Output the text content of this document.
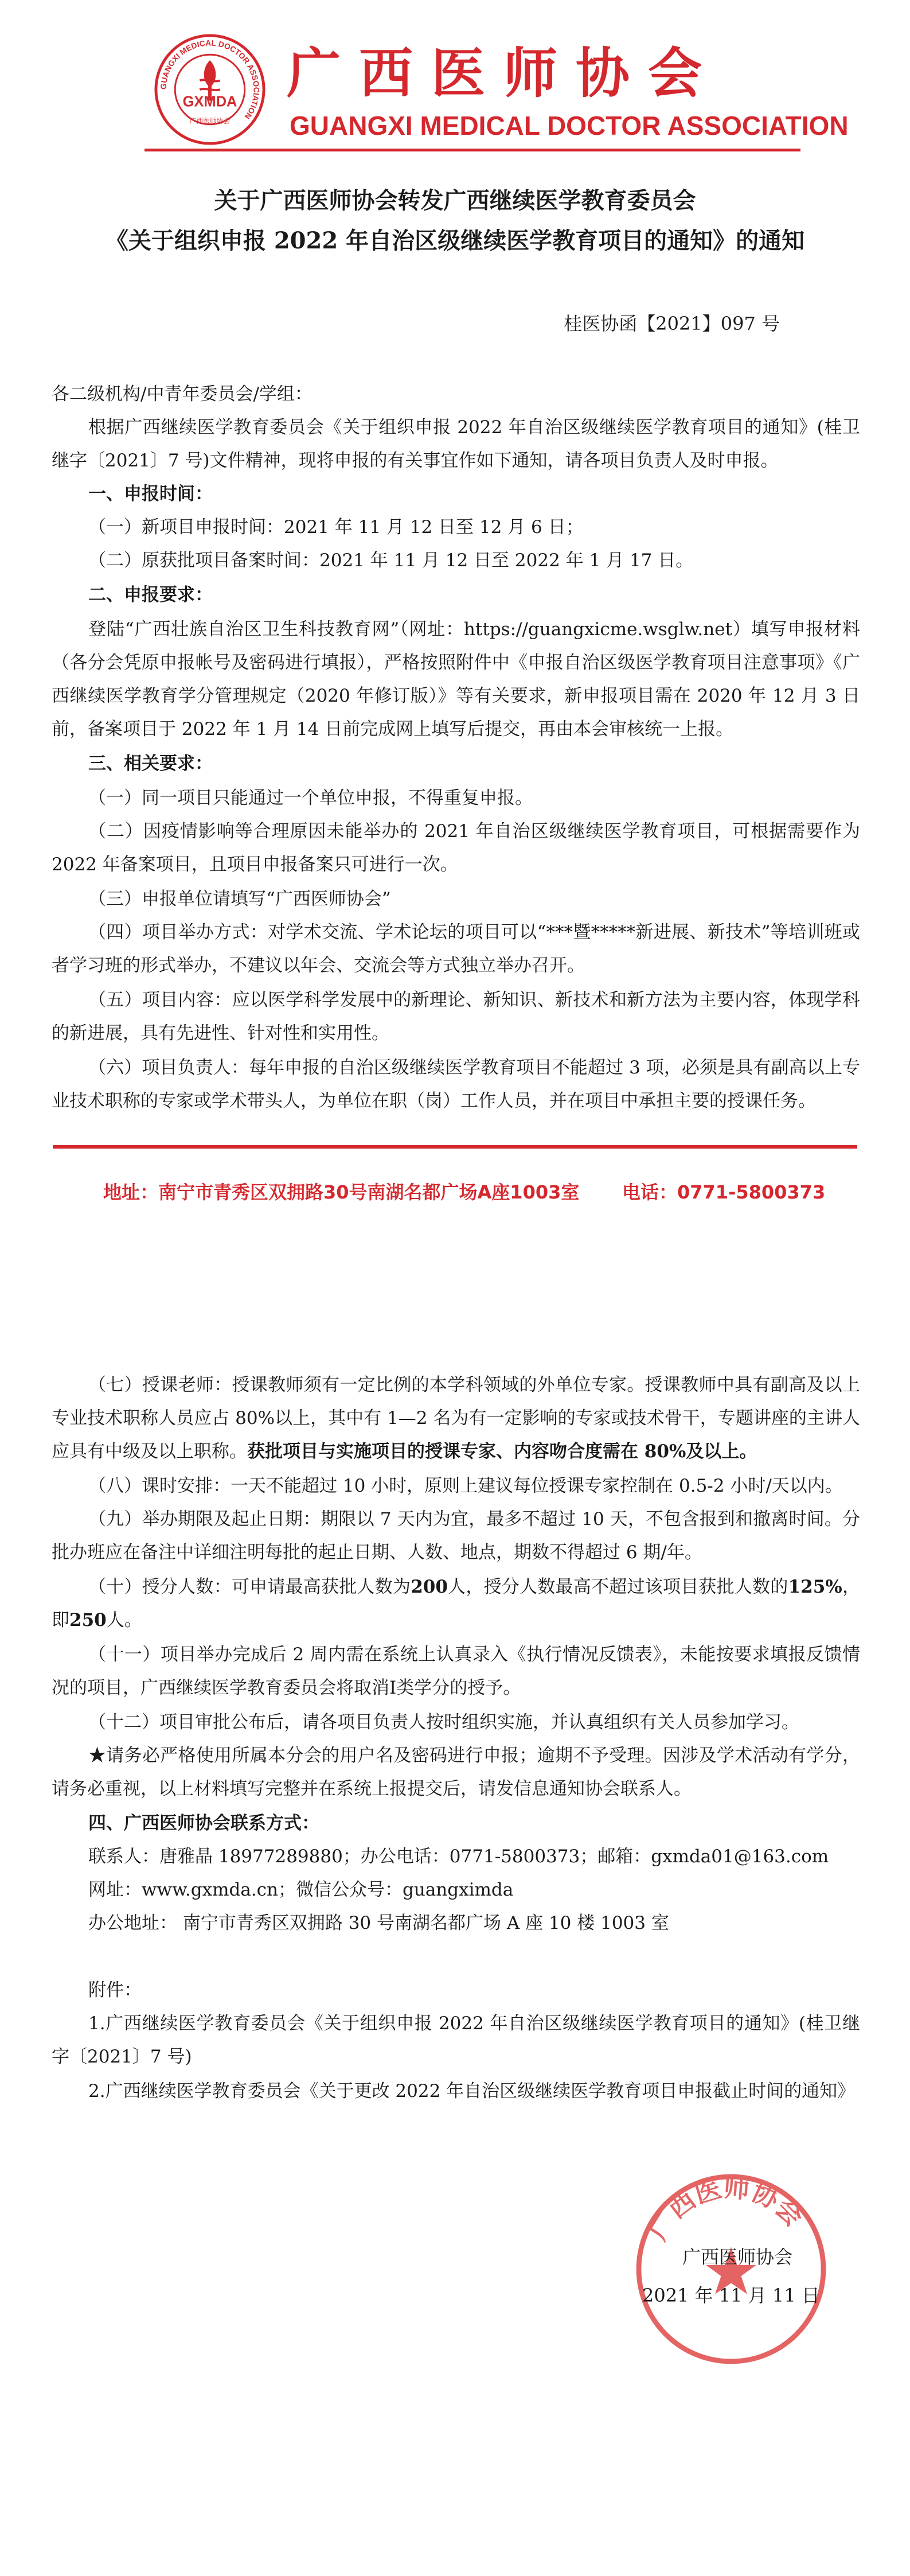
GUANGXI MEDICAL DOCTOR ASSOCIATION
GXMDA
广西医师协会
广西医师协会
GUANGXI MEDICAL DOCTOR ASSOCIATION
关于广西医师协会转发广西继续医学教育委员会
《关于组织申报 2022 年自治区级继续医学教育项目的通知》的通知
桂医协函【2021】097 号

各二级机构/中青年委员会/学组：

根据广西继续医学教育委员会《关于组织申报 2022 年自治区级继续医学教育项目的通知》(桂卫继字〔2021〕7 号)文件精神，现将申报的有关事宜作如下通知，请各项目负责人及时申报。

一、申报时间：

（一）新项目申报时间：2021 年 11 月 12 日至 12 月 6 日；

（二）原获批项目备案时间：2021 年 11 月 12 日至 2022 年 1 月 17 日。

二、申报要求：

登陆“广西壮族自治区卫生科技教育网”（网址：https://guangxicme.wsglw.net）填写申报材料（各分会凭原申报帐号及密码进行填报），严格按照附件中《申报自治区级医学教育项目注意事项》《广西继续医学教育学分管理规定（2020 年修订版）》等有关要求，新申报项目需在 2020 年 12 月 3 日前，备案项目于 2022 年 1 月 14 日前完成网上填写后提交，再由本会审核统一上报。

三、相关要求：

（一）同一项目只能通过一个单位申报，不得重复申报。

（二）因疫情影响等合理原因未能举办的 2021 年自治区级继续医学教育项目，可根据需要作为 2022 年备案项目，且项目申报备案只可进行一次。

（三）申报单位请填写“广西医师协会”

（四）项目举办方式：对学术交流、学术论坛的项目可以“***暨*****新进展、新技术”等培训班或者学习班的形式举办，不建议以年会、交流会等方式独立举办召开。

（五）项目内容：应以医学科学发展中的新理论、新知识、新技术和新方法为主要内容，体现学科的新进展，具有先进性、针对性和实用性。

（六）项目负责人：每年申报的自治区级继续医学教育项目不能超过 3 项，必须是具有副高以上专业技术职称的专家或学术带头人，为单位在职（岗）工作人员，并在项目中承担主要的授课任务。

地址：南宁市青秀区双拥路30号南湖名都广场A座1003室 电话：0771-5800373

（七）授课老师：授课教师须有一定比例的本学科领域的外单位专家。授课教师中具有副高及以上专业技术职称人员应占 80%以上，其中有 1—2 名为有一定影响的专家或技术骨干，专题讲座的主讲人应具有中级及以上职称。获批项目与实施项目的授课专家、内容吻合度需在 80%及以上。

（八）课时安排：一天不能超过 10 小时，原则上建议每位授课专家控制在 0.5-2 小时/天以内。

（九）举办期限及起止日期：期限以 7 天内为宜，最多不超过 10 天，不包含报到和撤离时间。分批办班应在备注中详细注明每批的起止日期、人数、地点，期数不得超过 6 期/年。

（十）授分人数：可申请最高获批人数为200人，授分人数最高不超过该项目获批人数的125%，即250人。

（十一）项目举办完成后 2 周内需在系统上认真录入《执行情况反馈表》，未能按要求填报反馈情况的项目，广西继续医学教育委员会将取消Ⅰ类学分的授予。

（十二）项目审批公布后，请各项目负责人按时组织实施，并认真组织有关人员参加学习。

★请务必严格使用所属本分会的用户名及密码进行申报；逾期不予受理。因涉及学术活动有学分，请务必重视，以上材料填写完整并在系统上报提交后，请发信息通知协会联系人。

四、广西医师协会联系方式：

联系人：唐雅晶 18977289880；办公电话：0771-5800373；邮箱：gxmda01@163.com

网址：www.gxmda.cn；微信公众号：guangximda

办公地址： 南宁市青秀区双拥路 30 号南湖名都广场 A 座 10 楼 1003 室

附件：

1.广西继续医学教育委员会《关于组织申报 2022 年自治区级继续医学教育项目的通知》(桂卫继字〔2021〕7 号)

2.广西继续医学教育委员会《关于更改 2022 年自治区级继续医学教育项目申报截止时间的通知》

广西医师协会
广西医师协会
2021 年 11 月 11 日
